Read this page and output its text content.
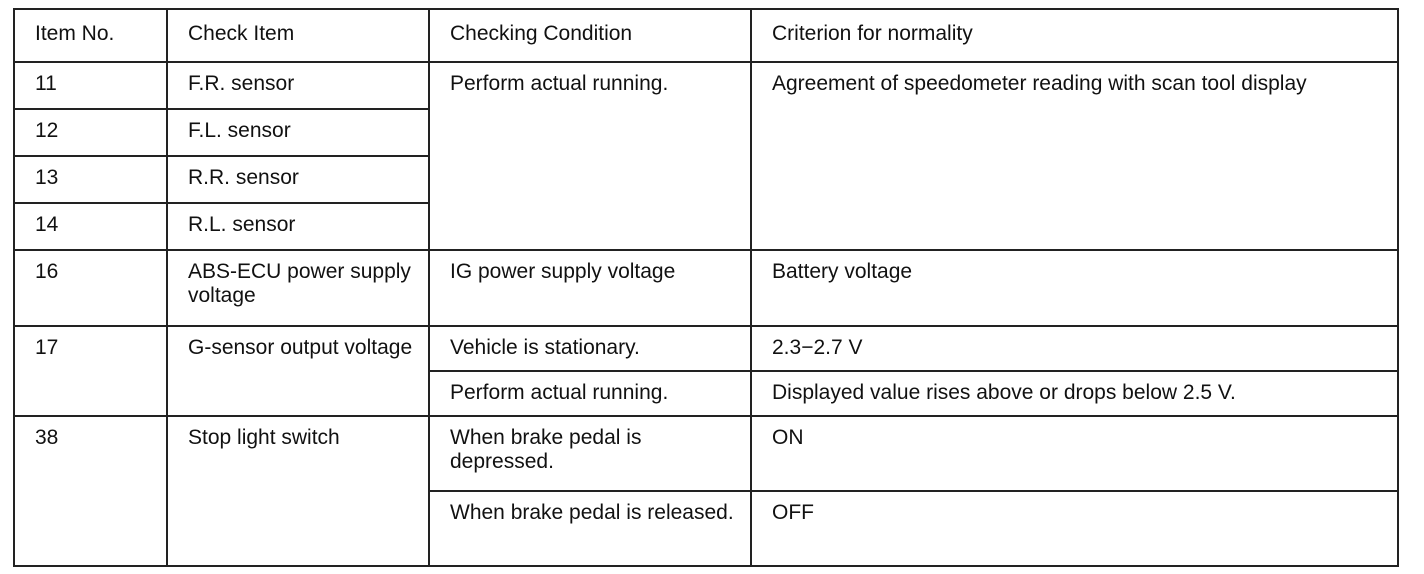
Item No.	Check Item	Checking Condition	Criterion for normality
11	F.R. sensor	Perform actual running.	Agreement of speedometer reading with scan tool display
12	F.L. sensor		
13	R.R. sensor		
14	R.L. sensor		
16	ABS-ECU power supply voltage	IG power supply voltage	Battery voltage
17	G-sensor output voltage	Vehicle is stationary.	2.3−2.7 V
		Perform actual running.	Displayed value rises above or drops below 2.5 V.
38	Stop light switch	When brake pedal is depressed.	ON
		When brake pedal is released.	OFF
